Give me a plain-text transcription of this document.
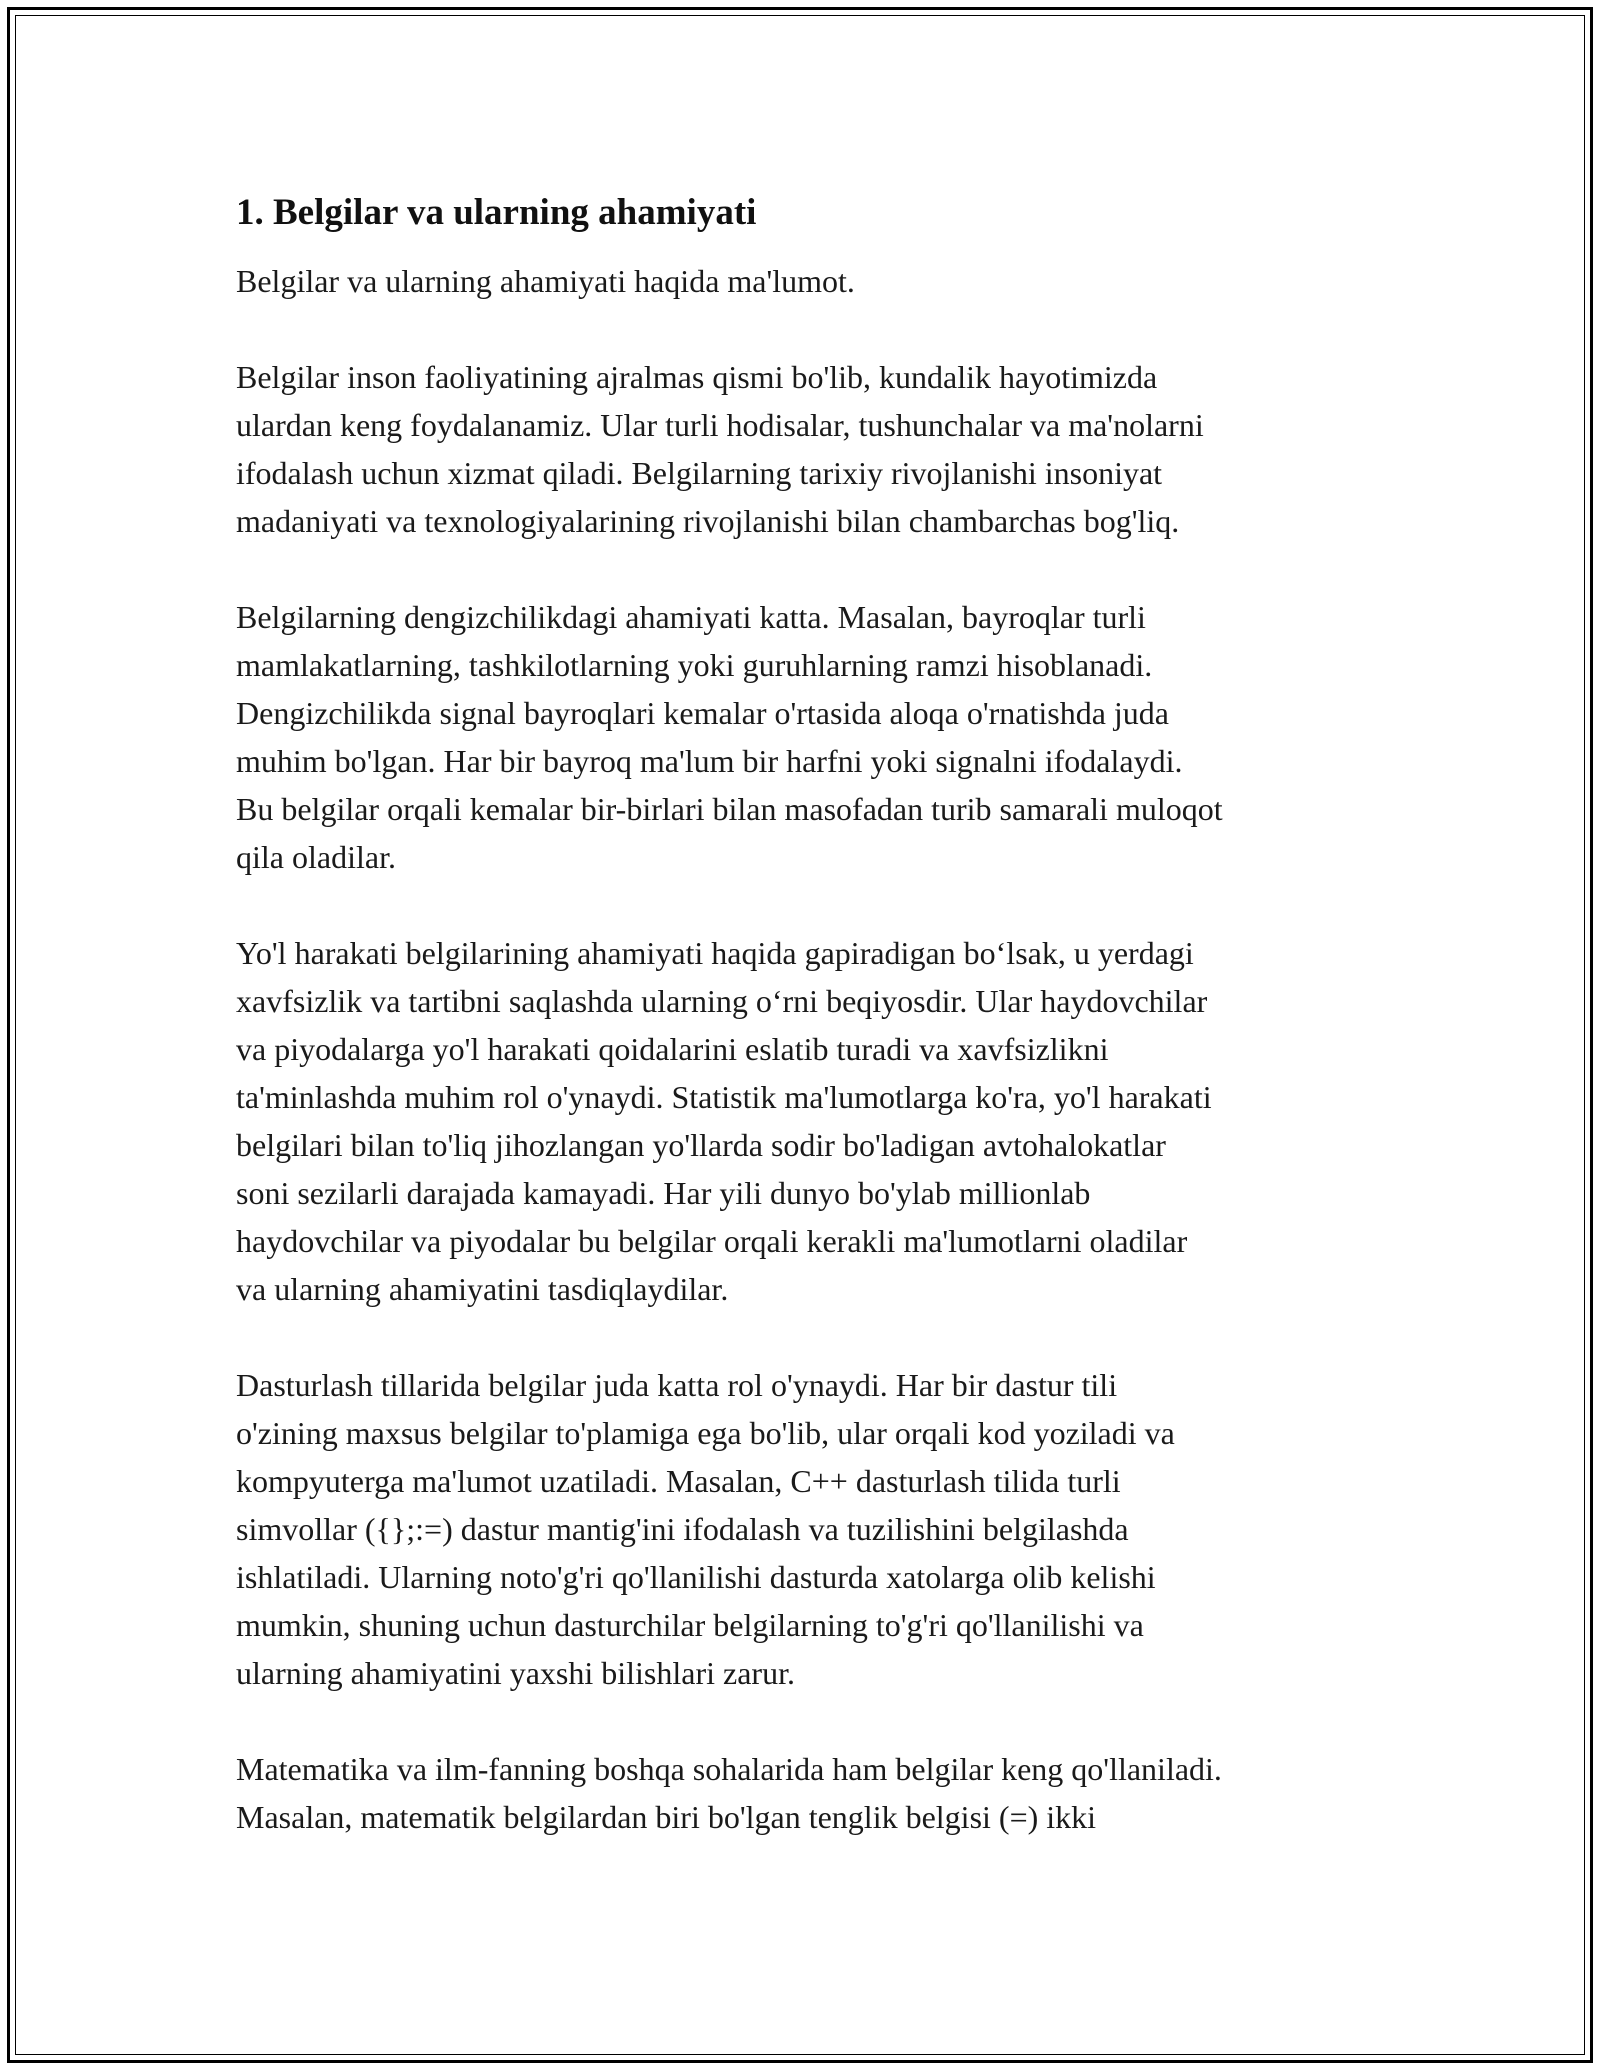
1. Belgilar va ularning ahamiyati
Belgilar va ularning ahamiyati haqida ma'lumot.
Belgilar inson faoliyatining ajralmas qismi bo'lib, kundalik hayotimizda
ulardan keng foydalanamiz. Ular turli hodisalar, tushunchalar va ma'nolarni
ifodalash uchun xizmat qiladi. Belgilarning tarixiy rivojlanishi insoniyat
madaniyati va texnologiyalarining rivojlanishi bilan chambarchas bog'liq.
Belgilarning dengizchilikdagi ahamiyati katta. Masalan, bayroqlar turli
mamlakatlarning, tashkilotlarning yoki guruhlarning ramzi hisoblanadi.
Dengizchilikda signal bayroqlari kemalar o'rtasida aloqa o'rnatishda juda
muhim bo'lgan. Har bir bayroq ma'lum bir harfni yoki signalni ifodalaydi.
Bu belgilar orqali kemalar bir-birlari bilan masofadan turib samarali muloqot
qila oladilar.
Yo'l harakati belgilarining ahamiyati haqida gapiradigan bo‘lsak, u yerdagi
xavfsizlik va tartibni saqlashda ularning o‘rni beqiyosdir. Ular haydovchilar
va piyodalarga yo'l harakati qoidalarini eslatib turadi va xavfsizlikni
ta'minlashda muhim rol o'ynaydi. Statistik ma'lumotlarga ko'ra, yo'l harakati
belgilari bilan to'liq jihozlangan yo'llarda sodir bo'ladigan avtohalokatlar
soni sezilarli darajada kamayadi. Har yili dunyo bo'ylab millionlab
haydovchilar va piyodalar bu belgilar orqali kerakli ma'lumotlarni oladilar
va ularning ahamiyatini tasdiqlaydilar.
Dasturlash tillarida belgilar juda katta rol o'ynaydi. Har bir dastur tili
o'zining maxsus belgilar to'plamiga ega bo'lib, ular orqali kod yoziladi va
kompyuterga ma'lumot uzatiladi. Masalan, C++ dasturlash tilida turli
simvollar ({};:=) dastur mantig'ini ifodalash va tuzilishini belgilashda
ishlatiladi. Ularning noto'g'ri qo'llanilishi dasturda xatolarga olib kelishi
mumkin, shuning uchun dasturchilar belgilarning to'g'ri qo'llanilishi va
ularning ahamiyatini yaxshi bilishlari zarur.
Matematika va ilm-fanning boshqa sohalarida ham belgilar keng qo'llaniladi.
Masalan, matematik belgilardan biri bo'lgan tenglik belgisi (=) ikki
